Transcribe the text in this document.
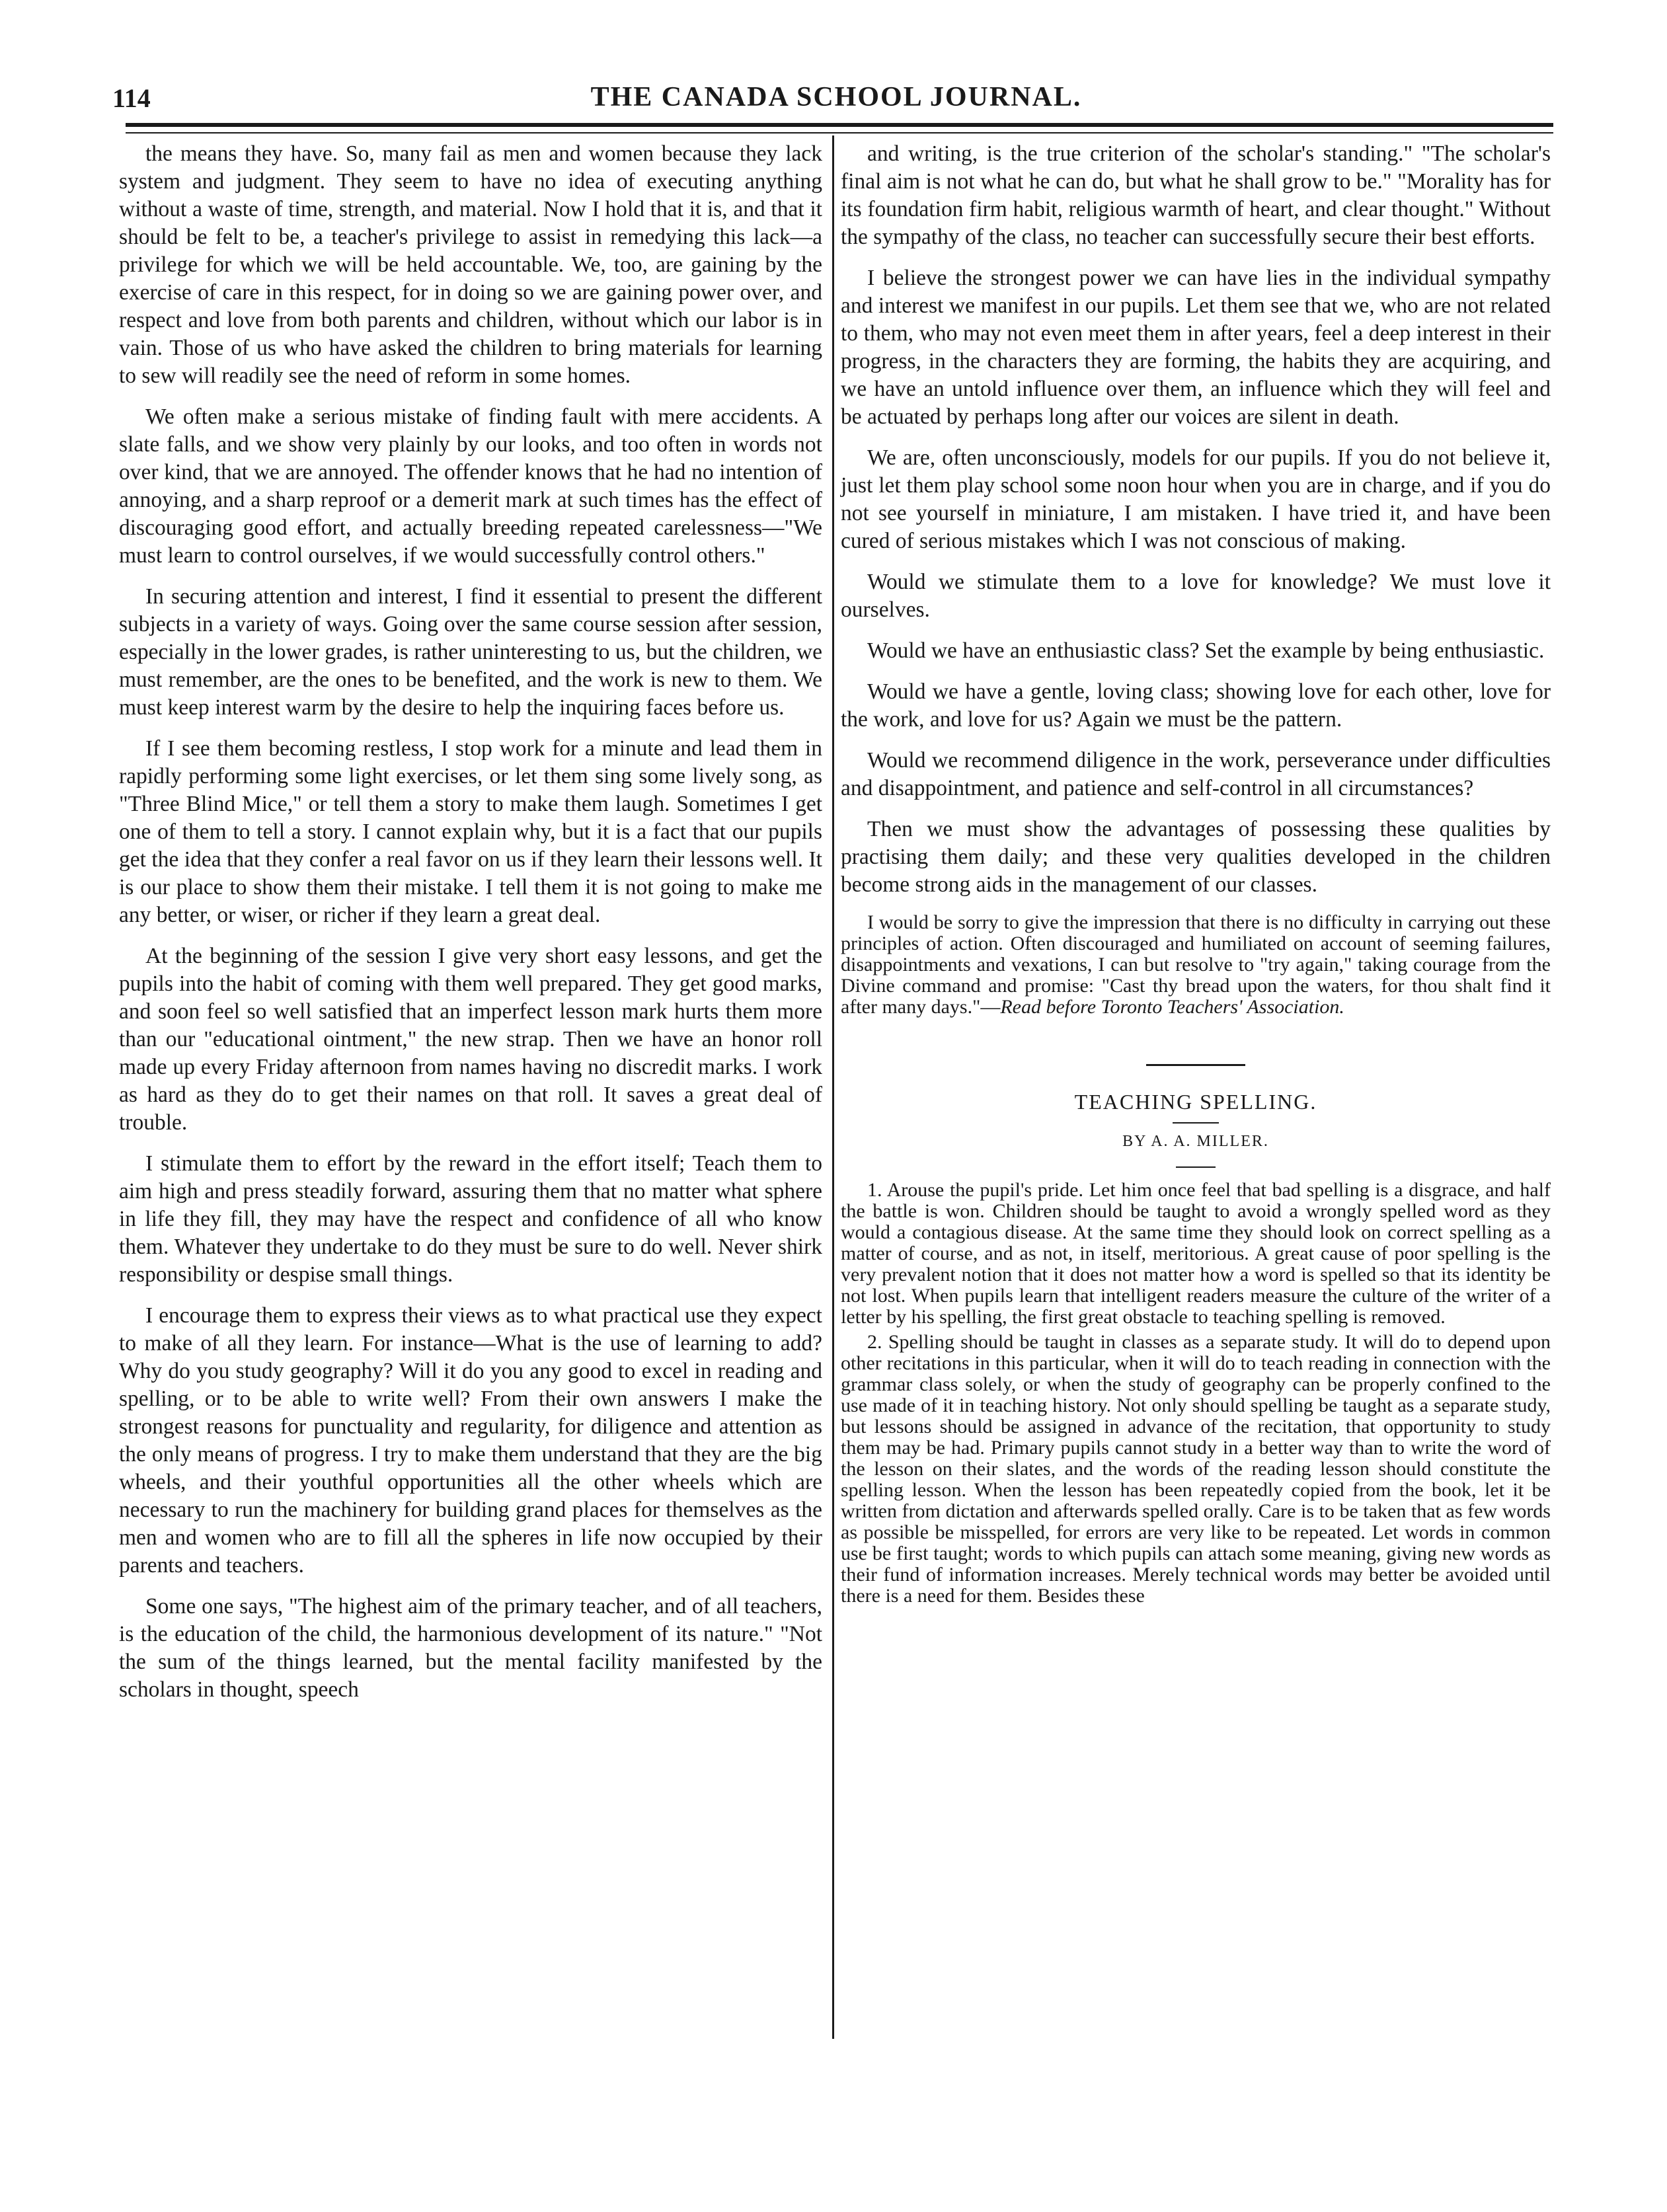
114	THE CANADA SCHOOL JOURNAL.

the means they have. So, many fail as men and women because they lack system and judgment. They seem to have no idea of executing anything without a waste of time, strength, and material. Now I hold that it is, and that it should be felt to be, a teacher's privilege to assist in remedying this lack—a privilege for which we will be held accountable. We, too, are gaining by the exercise of care in this respect, for in doing so we are gaining power over, and respect and love from both parents and children, without which our labor is in vain. Those of us who have asked the children to bring materials for learning to sew will readily see the need of reform in some homes.

We often make a serious mistake of finding fault with mere accidents. A slate falls, and we show very plainly by our looks, and too often in words not over kind, that we are annoyed. The offender knows that he had no intention of annoying, and a sharp reproof or a demerit mark at such times has the effect of discouraging good effort, and actually breeding repeated carelessness—"We must learn to control ourselves, if we would successfully control others."

In securing attention and interest, I find it essential to present the different subjects in a variety of ways. Going over the same course session after session, especially in the lower grades, is rather uninteresting to us, but the children, we must remember, are the ones to be benefited, and the work is new to them. We must keep interest warm by the desire to help the inquiring faces before us.

If I see them becoming restless, I stop work for a minute and lead them in rapidly performing some light exercises, or let them sing some lively song, as "Three Blind Mice," or tell them a story to make them laugh. Sometimes I get one of them to tell a story. I cannot explain why, but it is a fact that our pupils get the idea that they confer a real favor on us if they learn their lessons well. It is our place to show them their mistake. I tell them it is not going to make me any better, or wiser, or richer if they learn a great deal.

At the beginning of the session I give very short easy lessons, and get the pupils into the habit of coming with them well prepared. They get good marks, and soon feel so well satisfied that an imperfect lesson mark hurts them more than our "educational ointment," the new strap. Then we have an honor roll made up every Friday afternoon from names having no discredit marks. I work as hard as they do to get their names on that roll. It saves a great deal of trouble.

I stimulate them to effort by the reward in the effort itself; Teach them to aim high and press steadily forward, assuring them that no matter what sphere in life they fill, they may have the respect and confidence of all who know them. Whatever they undertake to do they must be sure to do well. Never shirk responsibility or despise small things.

I encourage them to express their views as to what practical use they expect to make of all they learn. For instance—What is the use of learning to add? Why do you study geography? Will it do you any good to excel in reading and spelling, or to be able to write well? From their own answers I make the strongest reasons for punctuality and regularity, for diligence and attention as the only means of progress. I try to make them understand that they are the big wheels, and their youthful opportunities all the other wheels which are necessary to run the machinery for building grand places for themselves as the men and women who are to fill all the spheres in life now occupied by their parents and teachers.

Some one says, "The highest aim of the primary teacher, and of all teachers, is the education of the child, the harmonious development of its nature." "Not the sum of the things learned, but the mental facility manifested by the scholars in thought, speech

and writing, is the true criterion of the scholar's standing." "The scholar's final aim is not what he can do, but what he shall grow to be." "Morality has for its foundation firm habit, religious warmth of heart, and clear thought." Without the sympathy of the class, no teacher can successfully secure their best efforts.

I believe the strongest power we can have lies in the individual sympathy and interest we manifest in our pupils. Let them see that we, who are not related to them, who may not even meet them in after years, feel a deep interest in their progress, in the characters they are forming, the habits they are acquiring, and we have an untold influence over them, an influence which they will feel and be actuated by perhaps long after our voices are silent in death.

We are, often unconsciously, models for our pupils. If you do not believe it, just let them play school some noon hour when you are in charge, and if you do not see yourself in miniature, I am mistaken. I have tried it, and have been cured of serious mistakes which I was not conscious of making.

Would we stimulate them to a love for knowledge? We must love it ourselves.

Would we have an enthusiastic class? Set the example by being enthusiastic.

Would we have a gentle, loving class; showing love for each other, love for the work, and love for us? Again we must be the pattern.

Would we recommend diligence in the work, perseverance under difficulties and disappointment, and patience and self-control in all circumstances?

Then we must show the advantages of possessing these qualities by practising them daily; and these very qualities developed in the children become strong aids in the management of our classes.

I would be sorry to give the impression that there is no difficulty in carrying out these principles of action. Often discouraged and humiliated on account of seeming failures, disappointments and vexations, I can but resolve to "try again," taking courage from the Divine command and promise: "Cast thy bread upon the waters, for thou shalt find it after many days."—Read before Toronto Teachers' Association.

TEACHING SPELLING.
BY A. A. MILLER.

1. Arouse the pupil's pride. Let him once feel that bad spelling is a disgrace, and half the battle is won. Children should be taught to avoid a wrongly spelled word as they would a contagious disease. At the same time they should look on correct spelling as a matter of course, and as not, in itself, meritorious. A great cause of poor spelling is the very prevalent notion that it does not matter how a word is spelled so that its identity be not lost. When pupils learn that intelligent readers measure the culture of the writer of a letter by his spelling, the first great obstacle to teaching spelling is removed.

2. Spelling should be taught in classes as a separate study. It will do to depend upon other recitations in this particular, when it will do to teach reading in connection with the grammar class solely, or when the study of geography can be properly confined to the use made of it in teaching history. Not only should spelling be taught as a separate study, but lessons should be assigned in advance of the recitation, that opportunity to study them may be had. Primary pupils cannot study in a better way than to write the word of the lesson on their slates, and the words of the reading lesson should constitute the spelling lesson. When the lesson has been repeatedly copied from the book, let it be written from dictation and afterwards spelled orally. Care is to be taken that as few words as possible be misspelled, for errors are very like to be repeated. Let words in common use be first taught; words to which pupils can attach some meaning, giving new words as their fund of information increases. Merely technical words may better be avoided until there is a need for them. Besides these
